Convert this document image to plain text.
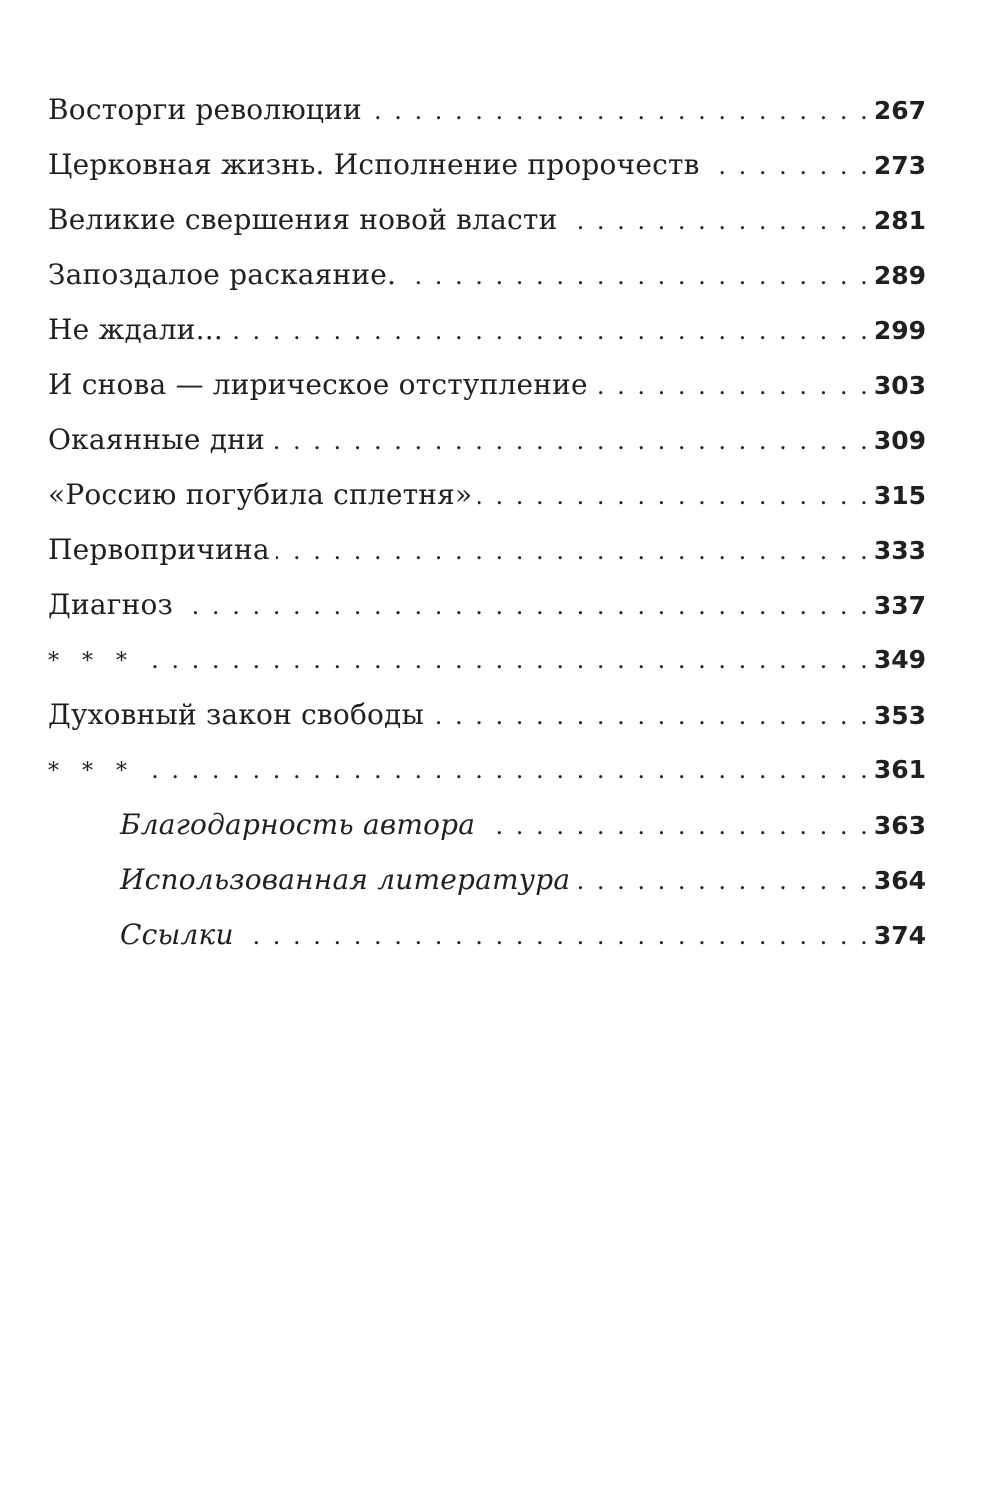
Восторги революции . . .	267
Церковная жизнь. Исполнение пророчеств . . .	273
Великие свершения новой власти . . .	281
Запоздалое раскаяние. . . .	289
Не ждали... . . .	299
И снова — лирическое отступление . . .	303
Окаянные дни . . .	309
«Россию погубила сплетня» . . .	315
Первопричина . . .	333
Диагноз . . .	337
* * * . . .	349
Духовный закон свободы . . .	353
* * * . . .	361
Благодарность автора . . .	363
Использованная литература . . .	364
Ссылки . . .	374
